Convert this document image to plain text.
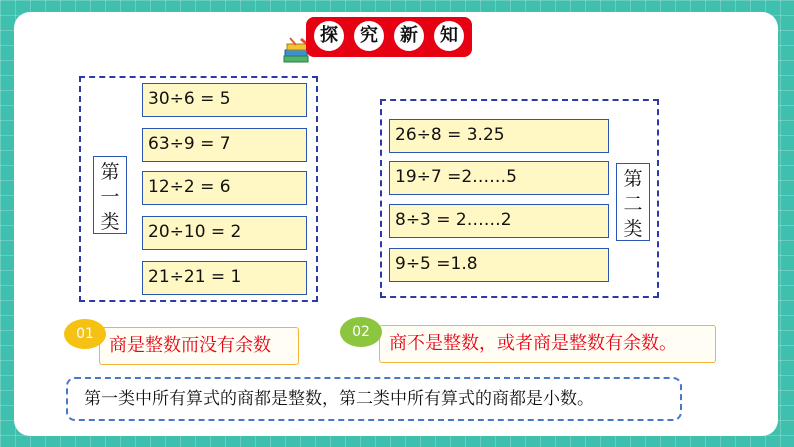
探	究	新	知
第
一
类
30÷6 = 5
63÷9 = 7
12÷2 = 6
20÷10 = 2
21÷21 = 1
26÷8 = 3.25
19÷7 =2……5
8÷3 = 2……2
9÷5 =1.8
第
二
类
商是整数而没有余数
01	商不是整数，或者商是整数有余数。
02
第一类中所有算式的商都是整数，第二类中所有算式的商都是小数。
